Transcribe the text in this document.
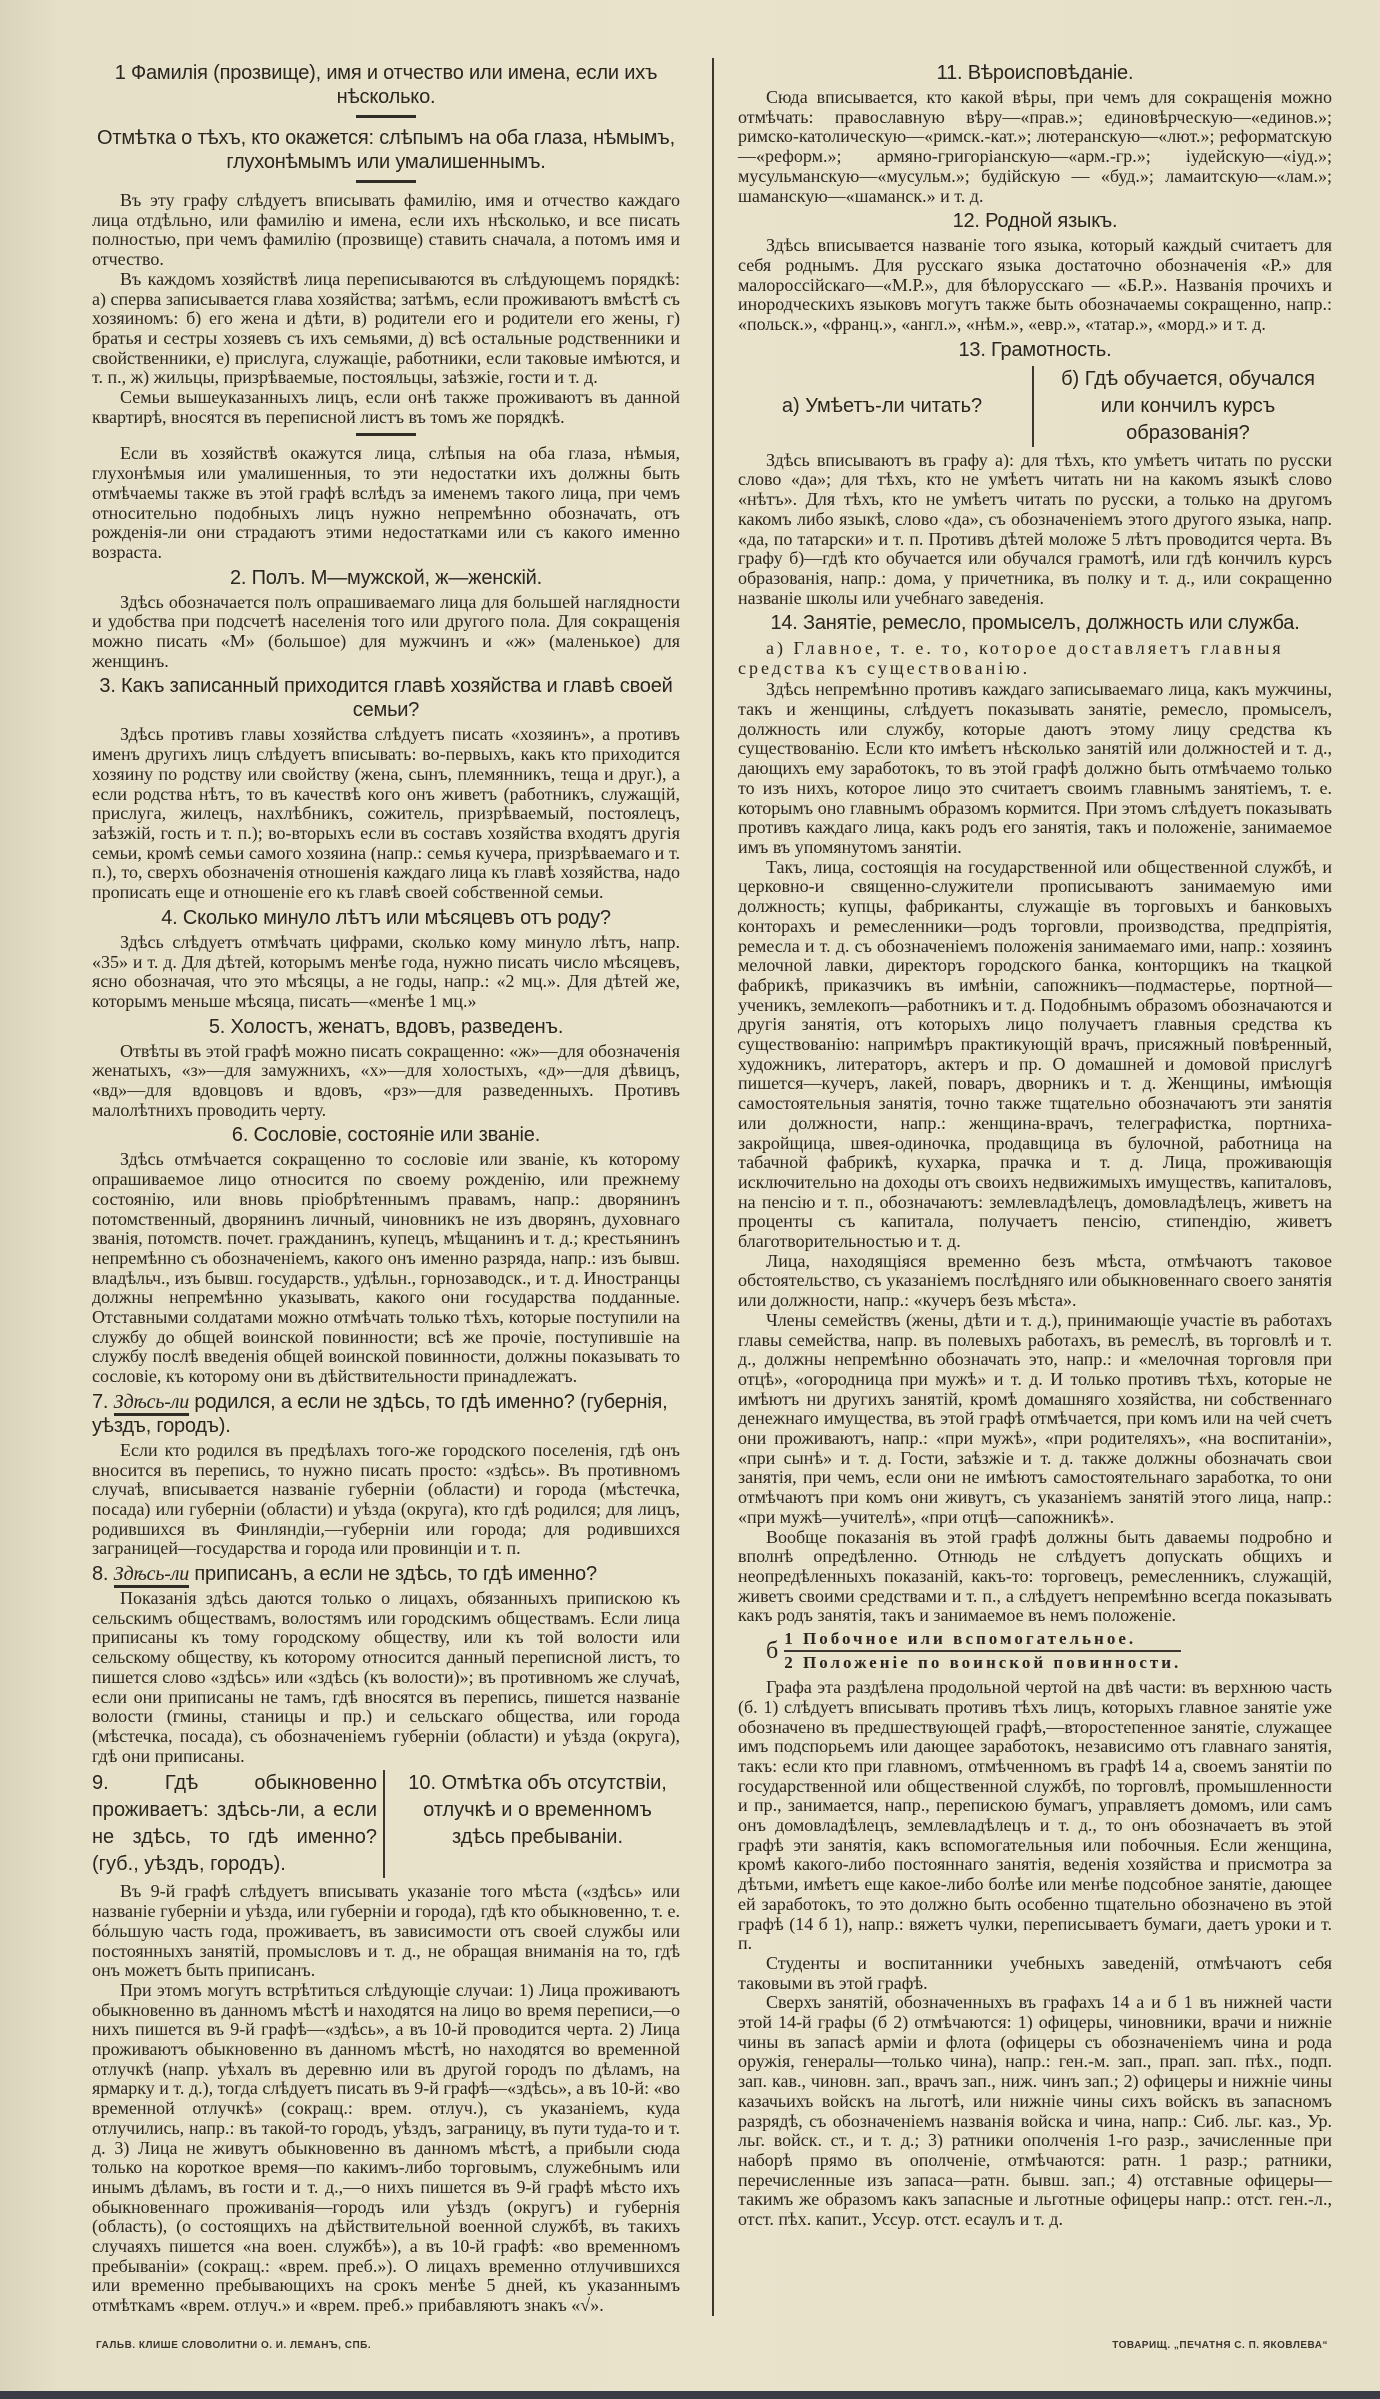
1 Фамилія (прозвище), имя и отчество или имена, если ихъ нѣсколько.
Отмѣтка о тѣхъ, кто окажется: слѣпымъ на оба глаза, нѣмымъ, глухонѣмымъ или умалишеннымъ.

Въ эту графу слѣдуетъ вписывать фамилію, имя и отчество каждаго лица отдѣльно, или фамилію и имена, если ихъ нѣсколько, и все писать полностью, при чемъ фамилію (прозвище) ставить сначала, а потомъ имя и отчество.

Въ каждомъ хозяйствѣ лица переписываются въ слѣдующемъ порядкѣ: а) сперва записывается глава хозяйства; затѣмъ, если проживаютъ вмѣстѣ съ хозяиномъ: б) его жена и дѣти, в) родители его и родители его жены, г) братья и сестры хозяевъ съ ихъ семьями, д) всѣ остальные родственники и свойственники, е) прислуга, служащіе, работники, если таковые имѣются, и т. п., ж) жильцы, призрѣваемые, постояльцы, заѣзжіе, гости и т. д.

Семьи вышеуказанныхъ лицъ, если онѣ также проживаютъ въ данной квартирѣ, вносятся въ переписной листъ въ томъ же порядкѣ.

Если въ хозяйствѣ окажутся лица, слѣпыя на оба глаза, нѣмыя, глухонѣмыя или умалишенныя, то эти недостатки ихъ должны быть отмѣчаемы также въ этой графѣ вслѣдъ за именемъ такого лица, при чемъ относительно подобныхъ лицъ нужно непремѣнно обозначать, отъ рожденія-ли они страдаютъ этими недостатками или съ какого именно возраста.

2. Полъ. М—мужской, ж—женскій.

Здѣсь обозначается полъ опрашиваемаго лица для большей наглядности и удобства при подсчетѣ населенія того или другого пола. Для сокращенія можно писать «М» (большое) для мужчинъ и «ж» (маленькое) для женщинъ.

3. Какъ записанный приходится главѣ хозяйства и главѣ своей семьи?

Здѣсь противъ главы хозяйства слѣдуетъ писать «хозяинъ», а противъ именъ другихъ лицъ слѣдуетъ вписывать: во-первыхъ, какъ кто приходится хозяину по родству или свойству (жена, сынъ, племянникъ, теща и друг.), а если родства нѣтъ, то въ качествѣ кого онъ живетъ (работникъ, служащій, прислуга, жилецъ, нахлѣбникъ, сожитель, призрѣваемый, постоялецъ, заѣзжій, гость и т. п.); во-вторыхъ если въ составъ хозяйства входятъ другія семьи, кромѣ семьи самого хозяина (напр.: семья кучера, призрѣваемаго и т. п.), то, сверхъ обозначенія отношенія каждаго лица къ главѣ хозяйства, надо прописать еще и отношеніе его къ главѣ своей собственной семьи.

4. Сколько минуло лѣтъ или мѣсяцевъ отъ роду?

Здѣсь слѣдуетъ отмѣчать цифрами, сколько кому минуло лѣтъ, напр. «35» и т. д. Для дѣтей, которымъ менѣе года, нужно писать число мѣсяцевъ, ясно обозначая, что это мѣсяцы, а не годы, напр.: «2 мц.». Для дѣтей же, которымъ меньше мѣсяца, писать—«менѣе 1 мц.»

5. Холостъ, женатъ, вдовъ, разведенъ.

Отвѣты въ этой графѣ можно писать сокращенно: «ж»—для обозначенія женатыхъ, «з»—для замужнихъ, «х»—для холостыхъ, «д»—для дѣвицъ, «вд»—для вдовцовъ и вдовъ, «рз»—для разведенныхъ. Противъ малолѣтнихъ проводить черту.

6. Сословіе, состояніе или званіе.

Здѣсь отмѣчается сокращенно то сословіе или званіе, къ которому опрашиваемое лицо относится по своему рожденію, или прежнему состоянію, или вновь пріобрѣтеннымъ правамъ, напр.: дворянинъ потомственный, дворянинъ личный, чиновникъ не изъ дворянъ, духовнаго званія, потомств. почет. гражданинъ, купецъ, мѣщанинъ и т. д.; крестьянинъ непремѣнно съ обозначеніемъ, какого онъ именно разряда, напр.: изъ бывш. владѣльч., изъ бывш. государств., удѣльн., горнозаводск., и т. д. Иностранцы должны непремѣнно указывать, какого они государства подданные. Отставными солдатами можно отмѣчать только тѣхъ, которые поступили на службу до общей воинской повинности; всѣ же прочіе, поступившіе на службу послѣ введенія общей воинской повинности, должны показывать то сословіе, къ которому они въ дѣйствительности принадлежатъ.

7. Здѣсь-ли родился, а если не здѣсь, то гдѣ именно? (губернія, уѣздъ, городъ).

Если кто родился въ предѣлахъ того-же городского поселенія, гдѣ онъ вносится въ перепись, то нужно писать просто: «здѣсь». Въ противномъ случаѣ, вписывается названіе губерніи (области) и города (мѣстечка, посада) или губерніи (области) и уѣзда (округа), кто гдѣ родился; для лицъ, родившихся въ Финляндіи,—губерніи или города; для родившихся заграницей—государства и города или провинціи и т. п.

8. Здѣсь-ли приписанъ, а если не здѣсь, то гдѣ именно?

Показанія здѣсь даются только о лицахъ, обязанныхъ припискою къ сельскимъ обществамъ, волостямъ или городскимъ обществамъ. Если лица приписаны къ тому городскому обществу, или къ той волости или сельскому обществу, къ которому относится данный переписной листъ, то пишется слово «здѣсь» или «здѣсь (къ волости)»; въ противномъ же случаѣ, если они приписаны не тамъ, гдѣ вносятся въ перепись, пишется названіе волости (гмины, станицы и пр.) и сельскаго общества, или города (мѣстечка, посада), съ обозначеніемъ губерніи (области) и уѣзда (округа), гдѣ они приписаны.

9. Гдѣ обыкновенно проживаетъ: здѣсь-ли, а если не здѣсь, то гдѣ именно? (губ., уѣздъ, городъ).
10. Отмѣтка объ отсутствіи, отлучкѣ и о временномъ здѣсь пребываніи.

Въ 9-й графѣ слѣдуетъ вписывать указаніе того мѣста («здѣсь» или названіе губерніи и уѣзда, или губерніи и города), гдѣ кто обыкновенно, т. е. бóльшую часть года, проживаетъ, въ зависимости отъ своей службы или постоянныхъ занятій, промысловъ и т. д., не обращая вниманія на то, гдѣ онъ можетъ быть приписанъ.

При этомъ могутъ встрѣтиться слѣдующіе случаи: 1) Лица проживаютъ обыкновенно въ данномъ мѣстѣ и находятся на лицо во время переписи,—о нихъ пишется въ 9-й графѣ—«здѣсь», а въ 10-й проводится черта. 2) Лица проживаютъ обыкновенно въ данномъ мѣстѣ, но находятся во временной отлучкѣ (напр. уѣхалъ въ деревню или въ другой городъ по дѣламъ, на ярмарку и т. д.), тогда слѣдуетъ писать въ 9-й графѣ—«здѣсь», а въ 10-й: «во временной отлучкѣ» (сокращ.: врем. отлуч.), съ указаніемъ, куда отлучились, напр.: въ такой-то городъ, уѣздъ, заграницу, въ пути туда-то и т. д. 3) Лица не живутъ обыкновенно въ данномъ мѣстѣ, а прибыли сюда только на короткое время—по какимъ-либо торговымъ, служебнымъ или инымъ дѣламъ, въ гости и т. д.,—о нихъ пишется въ 9-й графѣ мѣсто ихъ обыкновеннаго проживанія—городъ или уѣздъ (округъ) и губернія (область), (о состоящихъ на дѣйствительной военной службѣ, въ такихъ случаяхъ пишется «на воен. службѣ»), а въ 10-й графѣ: «во временномъ пребываніи» (сокращ.: «врем. преб.»). О лицахъ временно отлучившихся или временно пребывающихъ на срокъ менѣе 5 дней, къ указаннымъ отмѣткамъ «врем. отлуч.» и «врем. преб.» прибавляютъ знакъ «√».

11. Вѣроисповѣданіе.

Сюда вписывается, кто какой вѣры, при чемъ для сокращенія можно отмѣчать: православную вѣру—«прав.»; единовѣрческую—«единов.»; римско-католическую—«римск.-кат.»; лютеранскую—«лют.»; реформатскую—«реформ.»; армяно-григоріанскую—«арм.-гр.»; іудейскую—«іуд.»; мусульманскую—«мусульм.»; будійскую — «буд.»; ламаитскую—«лам.»; шаманскую—«шаманск.» и т. д.

12. Родной языкъ.

Здѣсь вписывается названіе того языка, который каждый считаетъ для себя роднымъ. Для русскаго языка достаточно обозначенія «Р.» для малороссійскаго—«М.Р.», для бѣлорусскаго — «Б.Р.». Названія прочихъ и инородческихъ языковъ могутъ также быть обозначаемы сокращенно, напр.: «польск.», «франц.», «англ.», «нѣм.», «евр.», «татар.», «морд.» и т. д.

13. Грамотность.
а) Умѣетъ-ли читать?
б) Гдѣ обучается, обучался или кончилъ курсъ образованія?

Здѣсь вписываютъ въ графу а): для тѣхъ, кто умѣетъ читать по русски слово «да»; для тѣхъ, кто не умѣетъ читать ни на какомъ языкѣ слово «нѣтъ». Для тѣхъ, кто не умѣетъ читать по русски, а только на другомъ какомъ либо языкѣ, слово «да», съ обозначеніемъ этого другого языка, напр. «да, по татарски» и т. п. Противъ дѣтей моложе 5 лѣтъ проводится черта. Въ графу б)—гдѣ кто обучается или обучался грамотѣ, или гдѣ кончилъ курсъ образованія, напр.: дома, у причетника, въ полку и т. д., или сокращенно названіе школы или учебнаго заведенія.

14. Занятіе, ремесло, промыселъ, должность или служба.
а) Главное, т. е. то, которое доставляетъ главныя средства къ существованію.

Здѣсь непремѣнно противъ каждаго записываемаго лица, какъ мужчины, такъ и женщины, слѣдуетъ показывать занятіе, ремесло, промыселъ, должность или службу, которые даютъ этому лицу средства къ существованію. Если кто имѣетъ нѣсколько занятій или должностей и т. д., дающихъ ему заработокъ, то въ этой графѣ должно быть отмѣчаемо только то изъ нихъ, которое лицо это считаетъ своимъ главнымъ занятіемъ, т. е. которымъ оно главнымъ образомъ кормится. При этомъ слѣдуетъ показывать противъ каждаго лица, какъ родъ его занятія, такъ и положеніе, занимаемое имъ въ упомянутомъ занятіи.

Такъ, лица, состоящія на государственной или общественной службѣ, и церковно-и священно-служители прописываютъ занимаемую ими должность; купцы, фабриканты, служащіе въ торговыхъ и банковыхъ конторахъ и ремесленники—родъ торговли, производства, предпріятія, ремесла и т. д. съ обозначеніемъ положенія занимаемаго ими, напр.: хозяинъ мелочной лавки, директоръ городского банка, конторщикъ на ткацкой фабрикѣ, приказчикъ въ имѣніи, сапожникъ—подмастерье, портной—ученикъ, землекопъ—работникъ и т. д. Подобнымъ образомъ обозначаются и другія занятія, отъ которыхъ лицо получаетъ главныя средства къ существованію: напримѣръ практикующій врачъ, присяжный повѣренный, художникъ, литераторъ, актеръ и пр. О домашней и домовой прислугѣ пишется—кучеръ, лакей, поваръ, дворникъ и т. д. Женщины, имѣющія самостоятельныя занятія, точно также тщательно обозначаютъ эти занятія или должности, напр.: женщина-врачъ, телеграфистка, портниха-закройщица, швея-одиночка, продавщица въ булочной, работница на табачной фабрикѣ, кухарка, прачка и т. д. Лица, проживающія исключительно на доходы отъ своихъ недвижимыхъ имуществъ, капиталовъ, на пенсію и т. п., обозначаютъ: землевладѣлецъ, домовладѣлецъ, живетъ на проценты съ капитала, получаетъ пенсію, стипендію, живетъ благотворительностью и т. д.

Лица, находящіяся временно безъ мѣста, отмѣчаютъ таковое обстоятельство, съ указаніемъ послѣдняго или обыкновеннаго своего занятія или должности, напр.: «кучеръ безъ мѣста».

Члены семействъ (жены, дѣти и т. д.), принимающіе участіе въ работахъ главы семейства, напр. въ полевыхъ работахъ, въ ремеслѣ, въ торговлѣ и т. д., должны непремѣнно обозначать это, напр.: и «мелочная торговля при отцѣ», «огородница при мужѣ» и т. д. И только противъ тѣхъ, которые не имѣютъ ни другихъ занятій, кромѣ домашняго хозяйства, ни собственнаго денежнаго имущества, въ этой графѣ отмѣчается, при комъ или на чей счетъ они проживаютъ, напр.: «при мужѣ», «при родителяхъ», «на воспитаніи», «при сынѣ» и т. д. Гости, заѣзжіе и т. д. также должны обозначать свои занятія, при чемъ, если они не имѣютъ самостоятельнаго заработка, то они отмѣчаютъ при комъ они живутъ, съ указаніемъ занятій этого лица, напр.: «при мужѣ—учителѣ», «при отцѣ—сапожникѣ».

Вообще показанія въ этой графѣ должны быть даваемы подробно и вполнѣ опредѣленно. Отнюдь не слѣдуетъ допускать общихъ и неопредѣленныхъ показаній, какъ-то: торговецъ, ремесленникъ, служащій, живетъ своими средствами и т. п., а слѣдуетъ непремѣнно всегда показывать какъ родъ занятія, такъ и занимаемое въ немъ положеніе.

б 1 Побочное или вспомогательное.
2 Положеніе по воинской повинности.

Графа эта раздѣлена продольной чертой на двѣ части: въ верхнюю часть (б. 1) слѣдуетъ вписывать противъ тѣхъ лицъ, которыхъ главное занятіе уже обозначено въ предшествующей графѣ,—второстепенное занятіе, служащее имъ подспорьемъ или дающее заработокъ, независимо отъ главнаго занятія, такъ: если кто при главномъ, отмѣченномъ въ графѣ 14 а, своемъ занятіи по государственной или общественной службѣ, по торговлѣ, промышленности и пр., занимается, напр., перепискою бумагъ, управляетъ домомъ, или самъ онъ домовладѣлецъ, землевладѣлецъ и т. д., то онъ обозначаетъ въ этой графѣ эти занятія, какъ вспомогательныя или побочныя. Если женщина, кромѣ какого-либо постояннаго занятія, веденія хозяйства и присмотра за дѣтьми, имѣетъ еще какое-либо болѣе или менѣе подсобное занятіе, дающее ей заработокъ, то это должно быть особенно тщательно обозначено въ этой графѣ (14 б 1), напр.: вяжетъ чулки, переписываетъ бумаги, даетъ уроки и т. п.

Студенты и воспитанники учебныхъ заведеній, отмѣчаютъ себя таковыми въ этой графѣ.

Сверхъ занятій, обозначенныхъ въ графахъ 14 а и б 1 въ нижней части этой 14-й графы (б 2) отмѣчаются: 1) офицеры, чиновники, врачи и нижніе чины въ запасѣ арміи и флота (офицеры съ обозначеніемъ чина и рода оружія, генералы—только чина), напр.: ген.-м. зап., прап. зап. пѣх., подп. зап. кав., чиновн. зап., врачъ зап., ниж. чинъ зап.; 2) офицеры и нижніе чины казачьихъ войскъ на льготѣ, или нижніе чины сихъ войскъ въ запасномъ разрядѣ, съ обозначеніемъ названія войска и чина, напр.: Сиб. льг. каз., Ур. льг. войск. ст., и т. д.; 3) ратники ополченія 1-го разр., зачисленные при наборѣ прямо въ ополченіе, отмѣчаются: ратн. 1 разр.; ратники, перечисленные изъ запаса—ратн. бывш. зап.; 4) отставные офицеры—такимъ же образомъ какъ запасные и льготные офицеры напр.: отст. ген.-л., отст. пѣх. капит., Уссур. отст. есаулъ и т. д.

ГАЛЬВ. КЛИШЕ СЛОВОЛИТНИ О. И. ЛЕМАНЪ, СПБ.	ТОВАРИЩ. „ПЕЧАТНЯ С. П. ЯКОВЛЕВА“
